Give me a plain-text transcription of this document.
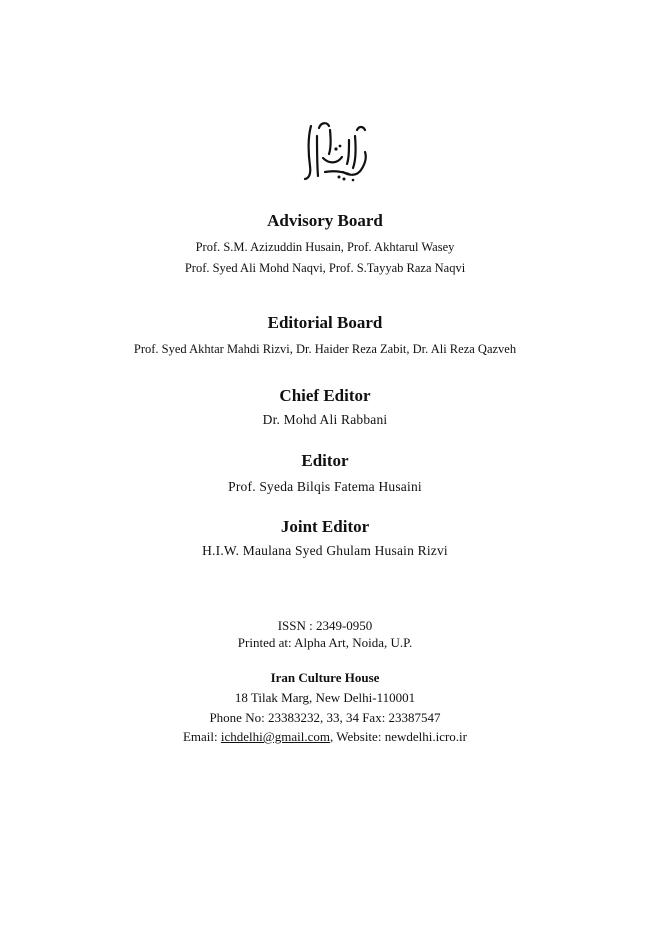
Advisory Board
Prof. S.M. Azizuddin Husain, Prof. Akhtarul Wasey
Prof. Syed Ali Mohd Naqvi, Prof. S.Tayyab Raza Naqvi
Editorial Board
Prof. Syed Akhtar Mahdi Rizvi, Dr. Haider Reza Zabit, Dr. Ali Reza Qazveh
Chief Editor
Dr. Mohd Ali Rabbani
Editor
Prof. Syeda Bilqis Fatema Husaini
Joint Editor
H.I.W. Maulana Syed Ghulam Husain Rizvi
ISSN : 2349-0950
Printed at: Alpha Art, Noida, U.P.
Iran Culture House
18 Tilak Marg, New Delhi-110001
Phone No: 23383232, 33, 34 Fax: 23387547
Email: ichdelhi@gmail.com, Website: newdelhi.icro.ir
